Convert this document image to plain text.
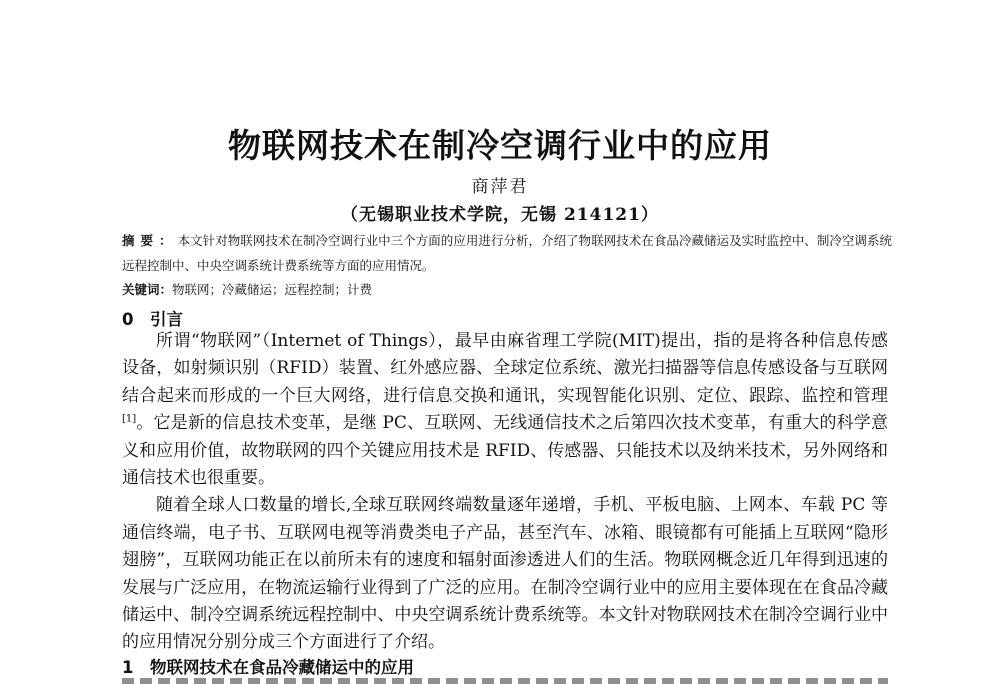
物联网技术在制冷空调行业中的应用
商萍君
（无锡职业技术学院，无锡 214121）
摘要：本文针对物联网技术在制冷空调行业中三个方面的应用进行分析，介绍了物联网技术在食品冷藏储运及实时监控中、制冷空调系统远程控制中、中央空调系统计费系统等方面的应用情况。
关键词：物联网；冷藏储运；远程控制；计费
0 引言

所谓“物联网”（Internet of Things），最早由麻省理工学院(MIT)提出，指的是将各种信息传感设备，如射频识别（RFID）装置、红外感应器、全球定位系统、激光扫描器等信息传感设备与互联网结合起来而形成的一个巨大网络，进行信息交换和通讯，实现智能化识别、定位、跟踪、监控和管理[1]。它是新的信息技术变革，是继 PC、互联网、无线通信技术之后第四次技术变革，有重大的科学意义和应用价值，故物联网的四个关键应用技术是 RFID、传感器、只能技术以及纳米技术，另外网络和通信技术也很重要。

随着全球人口数量的增长,全球互联网终端数量逐年递增，手机、平板电脑、上网本、车载 PC 等通信终端，电子书、互联网电视等消费类电子产品，甚至汽车、冰箱、眼镜都有可能插上互联网“隐形翅膀”，互联网功能正在以前所未有的速度和辐射面渗透进人们的生活。物联网概念近几年得到迅速的发展与广泛应用，在物流运输行业得到了广泛的应用。在制冷空调行业中的应用主要体现在在食品冷藏储运中、制冷空调系统远程控制中、中央空调系统计费系统等。本文针对物联网技术在制冷空调行业中的应用情况分别分成三个方面进行了介绍。

1 物联网技术在食品冷藏储运中的应用
